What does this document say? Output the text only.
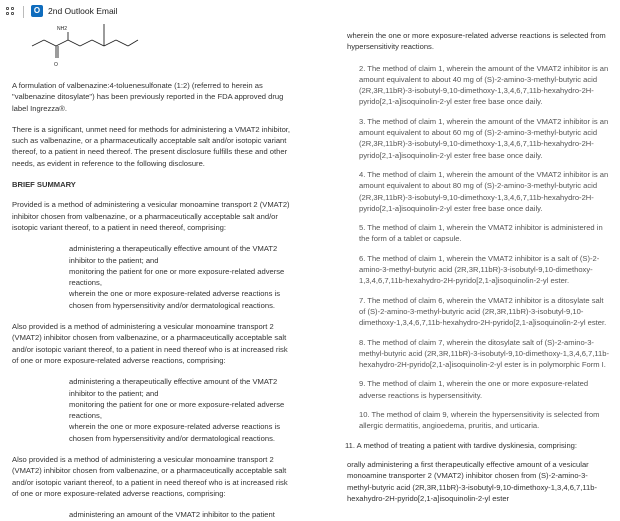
O 2nd Outlook Email
NH2
O

A formulation of valbenazine:4-toluenesulfonate (1:2) (referred to herein as "valbenazine ditosylate") has been previously reported in the FDA approved drug label Ingrezza®.

There is a significant, unmet need for methods for administering a VMAT2 inhibitor, such as valbenazine, or a pharmaceutically acceptable salt and/or isotopic variant thereof, to a patient in need thereof. The present disclosure fulfills these and other needs, as evident in reference to the following disclosure.

BRIEF SUMMARY

Provided is a method of administering a vesicular monoamine transport 2 (VMAT2) inhibitor chosen from valbenazine, or a pharmaceutically acceptable salt and/or isotopic variant thereof, to a patient in need thereof, comprising:

administering a therapeutically effective amount of the VMAT2 inhibitor to the patient; and

monitoring the patient for one or more exposure-related adverse reactions,

wherein the one or more exposure-related adverse reactions is chosen from hypersensitivity and/or dermatological reactions.

Also provided is a method of administering a vesicular monoamine transport 2 (VMAT2) inhibitor chosen from valbenazine, or a pharmaceutically acceptable salt and/or isotopic variant thereof, to a patient in need thereof who is at increased risk of one or more exposure-related adverse reactions, comprising:

administering a therapeutically effective amount of the VMAT2 inhibitor to the patient; and

monitoring the patient for one or more exposure-related adverse reactions,

wherein the one or more exposure-related adverse reactions is chosen from hypersensitivity and/or dermatological reactions.

Also provided is a method of administering a vesicular monoamine transport 2 (VMAT2) inhibitor chosen from valbenazine, or a pharmaceutically acceptable salt and/or isotopic variant thereof, to a patient in need thereof who is at increased risk of one or more exposure-related adverse reactions, comprising:

administering an amount of the VMAT2 inhibitor to the patient

wherein the one or more exposure-related adverse reactions is selected from hypersensitivity reactions.

2. The method of claim 1, wherein the amount of the VMAT2 inhibitor is an amount equivalent to about 40 mg of (S)-2-amino-3-methyl-butyric acid (2R,3R,11bR)-3-isobutyl-9,10-dimethoxy-1,3,4,6,7,11b-hexahydro-2H-pyrido[2,1-a]isoquinolin-2-yl ester free base once daily.

3. The method of claim 1, wherein the amount of the VMAT2 inhibitor is an amount equivalent to about 60 mg of (S)-2-amino-3-methyl-butyric acid (2R,3R,11bR)-3-isobutyl-9,10-dimethoxy-1,3,4,6,7,11b-hexahydro-2H-pyrido[2,1-a]isoquinolin-2-yl ester free base once daily.

4. The method of claim 1, wherein the amount of the VMAT2 inhibitor is an amount equivalent to about 80 mg of (S)-2-amino-3-methyl-butyric acid (2R,3R,11bR)-3-isobutyl-9,10-dimethoxy-1,3,4,6,7,11b-hexahydro-2H-pyrido[2,1-a]isoquinolin-2-yl ester free base once daily.

5. The method of claim 1, wherein the VMAT2 inhibitor is administered in the form of a tablet or capsule.

6. The method of claim 1, wherein the VMAT2 inhibitor is a salt of (S)-2-amino-3-methyl-butyric acid (2R,3R,11bR)-3-isobutyl-9,10-dimethoxy-1,3,4,6,7,11b-hexahydro-2H-pyrido[2,1-a]isoquinolin-2-yl ester.

7. The method of claim 6, wherein the VMAT2 inhibitor is a ditosylate salt of (S)-2-amino-3-methyl-butyric acid (2R,3R,11bR)-3-isobutyl-9,10-dimethoxy-1,3,4,6,7,11b-hexahydro-2H-pyrido[2,1-a]isoquinolin-2-yl ester.

8. The method of claim 7, wherein the ditosylate salt of (S)-2-amino-3-methyl-butyric acid (2R,3R,11bR)-3-isobutyl-9,10-dimethoxy-1,3,4,6,7,11b-hexahydro-2H-pyrido[2,1-a]isoquinolin-2-yl ester is in polymorphic Form I.

9. The method of claim 1, wherein the one or more exposure-related adverse reactions is hypersensitivity.

10. The method of claim 9, wherein the hypersensitivity is selected from allergic dermatitis, angioedema, pruritis, and urticaria.

11. A method of treating a patient with tardive dyskinesia, comprising:

orally administering a first therapeutically effective amount of a vesicular monoamine transporter 2 (VMAT2) inhibitor chosen from (S)-2-amino-3-methyl-butyric acid (2R,3R,11bR)-3-isobutyl-9,10-dimethoxy-1,3,4,6,7,11b-hexahydro-2H-pyrido[2,1-a]isoquinolin-2-yl ester
